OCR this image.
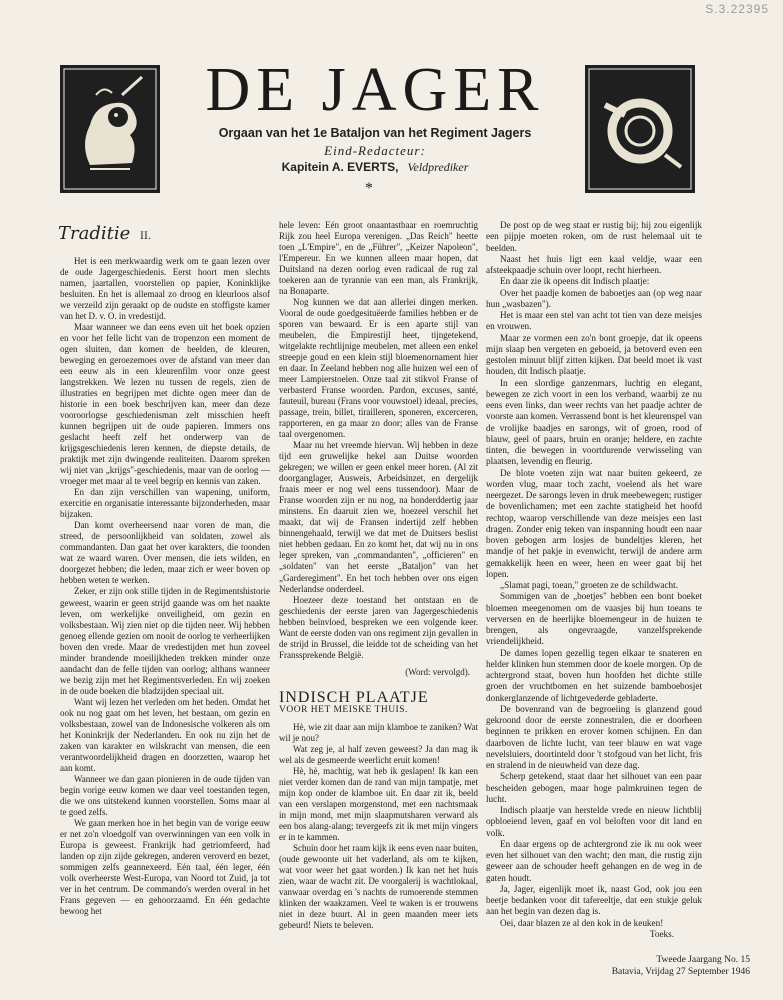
S.3.22395
DE JAGER
Orgaan van het 1e Bataljon van het Regiment Jagers
Eind-Redacteur:
Kapitein A. EVERTS, Veldprediker
*
Traditie II.

Het is een merkwaardig werk om te gaan lezen over de oude Jagergeschiedenis. Eerst hoort men slechts namen, jaartallen, voorstellen op papier, Koninklijke besluiten. En het is allemaal zo droog en kleurloos alsof we verzeild zijn geraakt op de oudste en stoffigste kamer van het D. v. O. in vredestijd.

Maar wanneer we dan eens even uit het boek opzien en voor het felle licht van de tropenzon een moment de ogen sluiten, dan komen de beelden, de kleuren, beweging en geroezemoes over de afstand van meer dan een eeuw als in een kleurenfilm voor onze geest langstrekken. We lezen nu tussen de regels, zien de illustraties en begrijpen met dichte ogen meer dan de historie in een boek beschrijven kan, meer dan deze vooroorlogse geschiedenisman zelt misschien heeft kunnen begrijpen uit de oude papieren. Immers ons geslacht heeft zelf het onderwerp van de krijgsgeschiedenis leren kennen, de diepste details, de praktijk met zijn dwingende realiteiten. Daarom spreken wij niet van „krijgs"-geschiedenis, maar van de oorlog — vroeger met maar al te veel begrip en kennis van zaken.

En dan zijn verschillen van wapening, uniform, exercitie en organisatie interessante bijzonderheden, maar bijzaken.

Dan komt overheersend naar voren de man, die streed, de persoonlijkheid van soldaten, zowel als commandanten. Dan gaat het over karakters, die toonden wat ze waard waren. Over mensen, die iets wilden, en doorgezet hebben; die leden, maar zich er weer boven op hebben weten te werken.

Zeker, er zijn ook stille tijden in de Regimentshistorie geweest, waarin er geen strijd gaande was om het naakte leven, om werkelijke onveiligheid, om gezin en volksbestaan. Wij zien niet op die tijden neer. Wij hebben genoeg ellende gezien om nooit de oorlog te verheerlijken boven den vrede. Maar de vredestijden met hun zoveel minder brandende moeilijkheden trekken minder onze aandacht dan de felle tijden van oorlog; althans wanneer we bezig zijn met het Regimentsverleden. En wij zoeken in de oude boeken die bladzijden speciaal uit.

Want wij lezen het verleden om het heden. Omdat het ook nu nog gaat om het leven, het bestaan, om gezin en volksbestaan, zowel van de Indonesische volkeren als om het Koninkrijk der Nederlanden. En ook nu zijn het de zaken van karakter en wilskracht van mensen, die een verantwoordelijkheid dragen en doorzetten, waarop het aan komt.

Wanneer we dan gaan pionieren in de oude tijden van begin vorige eeuw komen we daar veel toestanden tegen, die we ons uitstekend kunnen voorstellen. Soms maar al te goed zelfs.

We gaan merken hoe in het begin van de vorige eeuw er net zo'n vloedgolf van overwinningen van een volk in Europa is geweest. Frankrijk had getriomfeerd, had landen op zijn zijde gekregen, anderen veroverd en bezet, sommigen zelfs geannexeerd. Eén taal, één leger, één volk overheerste West-Europa, van Noord tot Zuid, ja tot ver in het centrum. De commando's werden overal in het Frans gegeven — en gehoorzaamd. En één gedachte bewoog het

hele leven: Eén groot onaantastbaar en roemruchtig Rijk zou heel Europa verenigen. „Das Reich" heette toen „L'Empire", en de „Führer", „Keizer Napoleon", l'Empereur. En we kunnen alleen maar hopen, dat Duitsland na dezen oorlog even radicaal de rug zal toekeren aan de tyrannie van een man, als Frankrijk, na Bonaparte.

Nog kunnen we dat aan allerlei dingen merken. Vooral de oude goedgesituëerde families hebben er de sporen van bewaard. Er is een aparte stijl van meubelen, die Empirestijl heet, tijngetekend, witgelakte rechtlijnige meubelen, met alleen een enkel streepje goud en een klein stijl bloemenornament hier en daar. In Zeeland hebben nog alle huizen wel een of meer Lampierstoelen. Onze taal zit stikvol Franse of verbasterd Franse woorden. Pardon, excuses, santé, fauteuil, bureau (Frans voor vouwstoel) ideaal, precies, passage, trein, billet, tirailleren, sponeren, excerceren, rapporteren, en ga maar zo door; alles van de Franse taal overgenomen.

Maar nu het vreemde hiervan. Wij hebben in deze tijd een gruwelijke hekel aan Duitse woorden gekregen; we willen er geen enkel meer horen. (Al zit doorganglager, Ausweis, Arbeidsinzet, en dergelijk fraais meer er nog wel eens tussendoor). Maar de Franse woorden zijn er nu nog, na honderddertig jaar minstens. En daaruit zien we, hoezeel verschil het maakt, dat wij de Fransen indertijd zelf hebben binnengehaald, terwijl we dat met de Duitsers beslist niet hebben gedaan. En zo komt het, dat wij nu in ons leger spreken, van „commandanten", „officieren" en „soldaten" van het eerste „Bataljon" van het „Garderegiment". En het toch hebben over ons eigen Nederlandse onderdeel.

Hoezeer deze toestand het ontstaan en de geschiedenis der eerste jaren van Jagergeschiedenis hebben beïnvloed, bespreken we een volgende keer. Want de eerste doden van ons regiment zijn gevallen in de strijd in Brussel, die leidde tot de scheiding van het Franssprekende België.

(Word: vervolgd).
INDISCH PLAATJE
VOOR HET MEISKE THUIS.

Hè, wie zit daar aan mijn klamboe te zaniken? Wat wil je nou?

Wat zeg je, al half zeven geweest? Ja dan mag ik wel als de gesmeerde weerlicht eruit komen!

Hè, hè, machtig, wat heb ik geslapen! Ik kan een niet verder komen dan de rand van mijn tampatje, met mijn kop onder de klamboe uit. En daar zit ik, beeld van een verslapen morgenstond, met een nachtsmaak in mijn mond, met mijn slaapmutsharen verward als een bos alang-alang; tevergeefs zit ik met mijn vingers er in te kammen.

Schuin door het raam kijk ik eens even naar buiten, (oude gewoonte uit het vaderland, als om te kijken, wat voor weer het gaat worden.) Ik kan net het huis zien, waar de wacht zit. De voorgalerij is wachtlokaal, vanwaar overdag en 's nachts de rumoerende stemmen klinken der waakzamen. Veel te waken is er trouwens niet in deze buurt. Al in geen maanden meer iets gebeurd! Niets te beleven.

De post op de weg staat er rustig bij; hij zou eigenlijk een pijpje moeten roken, om de rust helemaal uit te beelden.

Naast het huis ligt een kaal veldje, waar een afsteekpaadje schuin over loopt, recht hierheen.

En daar zie ik opeens dit Indisch plaatje:

Over het paadje komen de baboetjes aan (op weg naar hun „wasbazen").

Het is maar een stel van acht tot tien van deze meisjes en vrouwen.

Maar ze vormen een zo'n bont groepje, dat ik opeens mijn slaap ben vergeten en geboeid, ja betoverd even een gestolen minuut blijf zitten kijken. Dat beeld moet ik vast houden, dit Indisch plaatje.

In een slordige ganzenmars, luchtig en elegant, bewegen ze zich voort in een los verband, waarbij ze nu eens even links, dan weer rechts van het paadje achter de voorste aan komen. Verrassend bont is het kleurenspel van de vrolijke baadjes en sarongs, wit of groen, rood of blauw, geel of paars, bruin en oranje; heldere, en zachte tinten, die bewegen in voortdurende verwisseling van plaatsen, levendig en fleurig.

De blote voeten zijn wat naar buiten gekeerd, ze worden vlug, maar toch zacht, voelend als het ware neergezet. De sarongs leven in druk meebewegen; rustiger de bovenlichamen; met een zachte statigheid het hoofd rechtop, waarop verschillende van deze meisjes een last dragen. Zonder enig teken van inspanning houdt een naar boven gebogen arm losjes de bundeltjes kleren, het mandje of het pakje in evenwicht, terwijl de andere arm gemakkelijk heen en weer, heen en weer gaat bij het lopen.

„Slamat pagi, toean," groeten ze de schildwacht.

Sommigen van de „boetjes" hebben een bont boeket bloemen meegenomen om de vaasjes bij hun toeans te verversen en de heerlijke bloemengeur in de huizen te brengen, als ongevraagde, vanzelfsprekende vriendelijkheid.

De dames lopen gezellig tegen elkaar te snateren en helder klinken hun stemmen door de koele morgen. Op de achtergrond staat, boven hun hoofden het dichte stille groen der vruchtbomen en het suizende bamboebosjet donkerglanzende of lichtgevederde gebladerte.

De bovenrand van de begroeiing is glanzend goud gekroond door de eerste zonnestralen, die er doorheen beginnen te prikken en erover komen schijnen. En dan daarboven de lichte lucht, van teer blauw en wat vage nevelsluiers, doortinteld door 't stofgoud van het licht, fris en stralend in de nieuwheid van deze dag.

Scherp getekend, staat daar het silhouet van een paar bescheiden gebogen, maar hoge palmkruinen tegen de lucht.

Indisch plaatje van herstelde vrede en nieuw lichtblij opbloeiend leven, gaaf en vol beloften voor dit land en volk.

En daar ergens op de achtergrond zie ik nu ook weer even het silhouet van den wacht; den man, die rustig zijn geweer aan de schouder heeft gehangen en de weg in de gaten houdt.

Ja, Jager, eigenlijk moet ik, naast God, ook jou een beetje bedanken voor dit tafereeltje, dat een stukje geluk aan het begin van dezen dag is.

Oei, daar blazen ze al den kok in de keuken!

Toeks.
Tweede Jaargang No. 15
Batavia, Vrijdag 27 September 1946
